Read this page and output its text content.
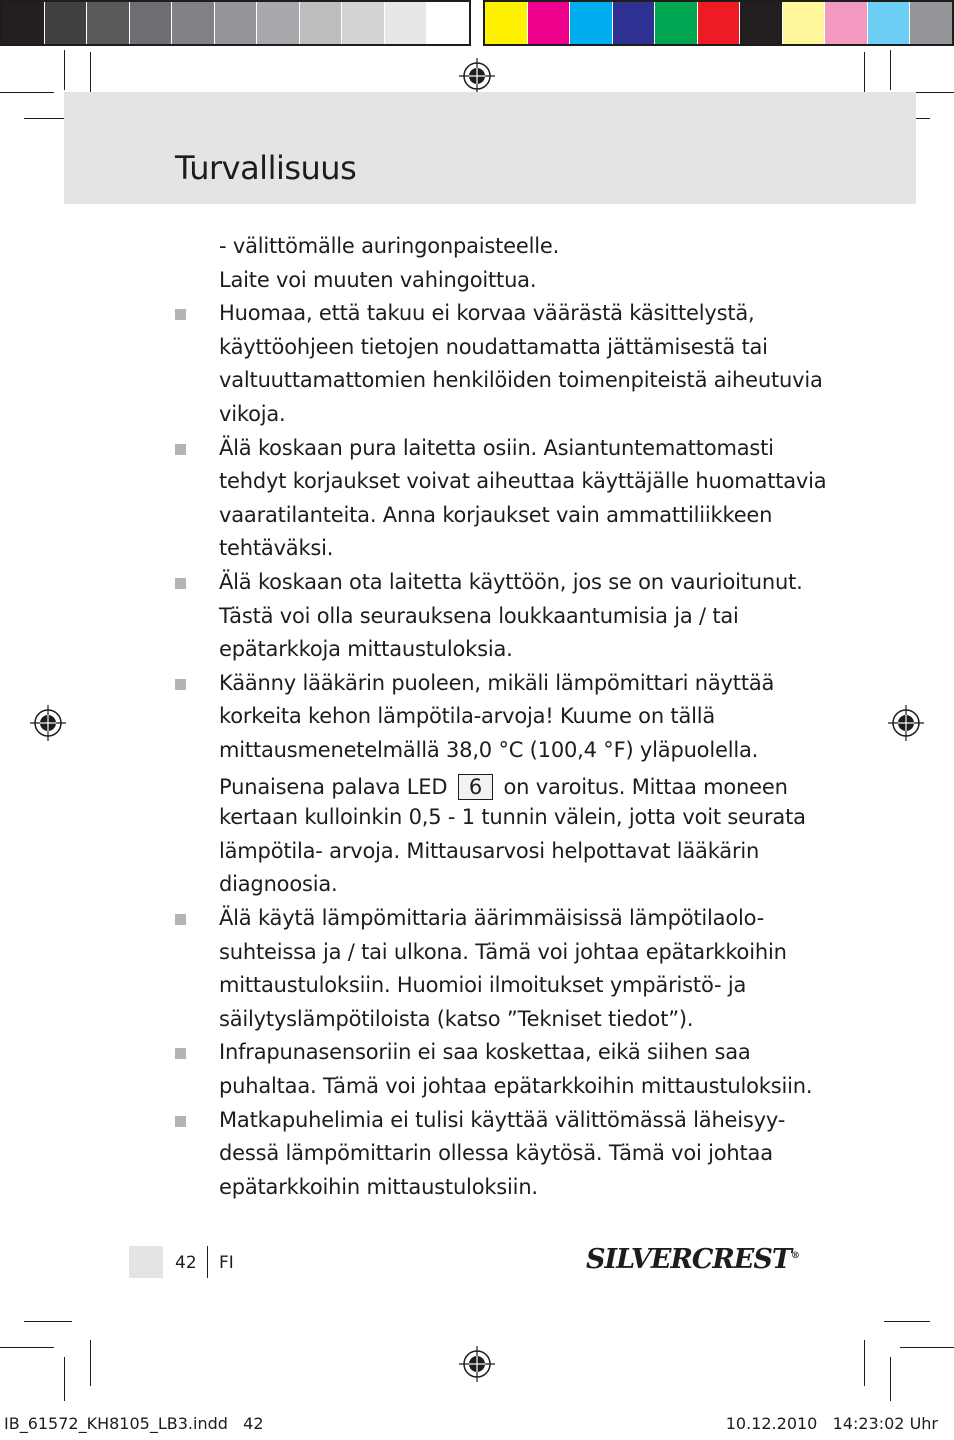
Turvallisuus
- välittömälle auringonpaisteelle.
Laite voi muuten vahingoittua.
Huomaa, että takuu ei korvaa väärästä käsittelystä,
käyttöohjeen tietojen noudattamatta jättämisestä tai
valtuuttamattomien henkilöiden toimenpiteistä aiheutuvia
vikoja.
Älä koskaan pura laitetta osiin. Asiantuntemattomasti
tehdyt korjaukset voivat aiheuttaa käyttäjälle huomattavia
vaaratilanteita. Anna korjaukset vain ammattiliikkeen
tehtäväksi.
Älä koskaan ota laitetta käyttöön, jos se on vaurioitunut.
Tästä voi olla seurauksena loukkaantumisia ja / tai
epätarkkoja mittaustuloksia.
Käänny lääkärin puoleen, mikäli lämpömittari näyttää
korkeita kehon lämpötila-arvoja! Kuume on tällä
mittausmenetelmällä 38,0 °C (100,4 °F) yläpuolella.
Punaisena palava LED 6 on varoitus. Mittaa moneen
kertaan kulloinkin 0,5 - 1 tunnin välein, jotta voit seurata
lämpötila- arvoja. Mittausarvosi helpottavat lääkärin
diagnoosia.
Älä käytä lämpömittaria äärimmäisissä lämpötilaolo-
suhteissa ja / tai ulkona. Tämä voi johtaa epätarkkoihin
mittaustuloksiin. Huomioi ilmoitukset ympäristö- ja
säilytyslämpötiloista (katso ”Tekniset tiedot”).
Infrapunasensoriin ei saa koskettaa, eikä siihen saa
puhaltaa. Tämä voi johtaa epätarkkoihin mittaustuloksiin.
Matkapuhelimia ei tulisi käyttää välittömässä läheisyy-
dessä lämpömittarin ollessa käytösä. Tämä voi johtaa
epätarkkoihin mittaustuloksiin.
42 FI	SILVERCREST®
IB_61572_KH8105_LB3.indd   42	10.12.2010   14:23:02 Uhr
